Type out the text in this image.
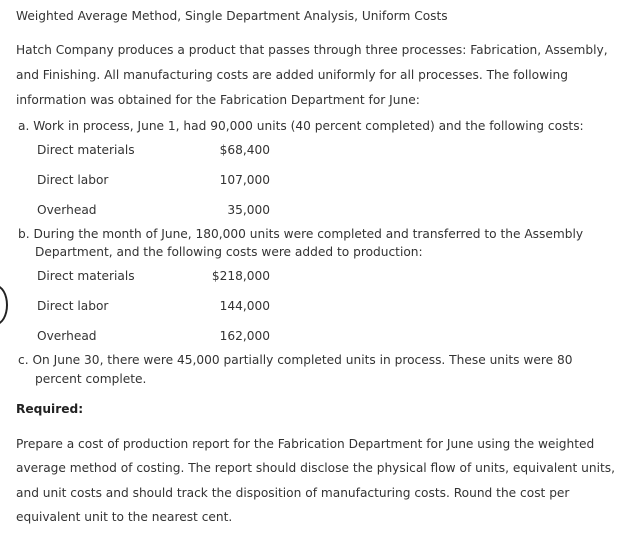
Weighted Average Method, Single Department Analysis, Uniform Costs
Hatch Company produces a product that passes through three processes: Fabrication, Assembly,
and Finishing. All manufacturing costs are added uniformly for all processes. The following
information was obtained for the Fabrication Department for June:
a. Work in process, June 1, had 90,000 units (40 percent completed) and the following costs:
Direct materials	$68,400
Direct labor	107,000
Overhead	35,000
b. During the month of June, 180,000 units were completed and transferred to the Assembly
Department, and the following costs were added to production:
Direct materials	$218,000
Direct labor	144,000
Overhead	162,000
c. On June 30, there were 45,000 partially completed units in process. These units were 80
percent complete.
Required:
Prepare a cost of production report for the Fabrication Department for June using the weighted
average method of costing. The report should disclose the physical flow of units, equivalent units,
and unit costs and should track the disposition of manufacturing costs. Round the cost per
equivalent unit to the nearest cent.
